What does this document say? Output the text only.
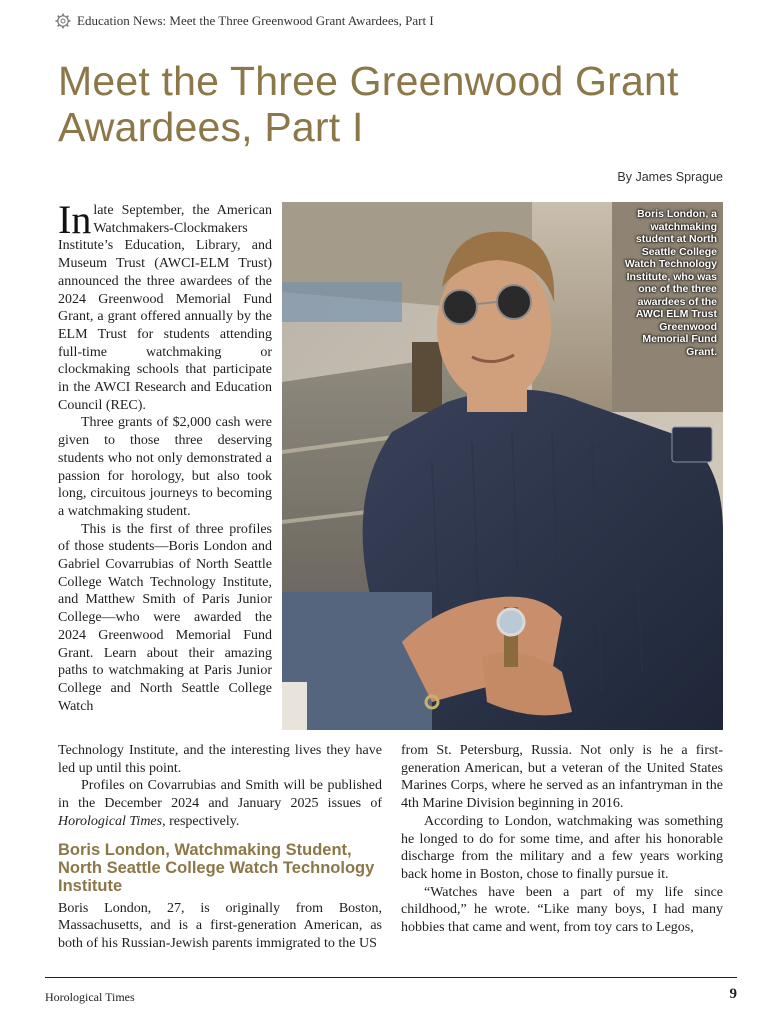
Education News: Meet the Three Greenwood Grant Awardees, Part I
Meet the Three Greenwood Grant
Awardees, Part I
By James Sprague

In late September, the American Watchmakers-Clockmakers Institute’s Education, Library, and Museum Trust (AWCI-ELM Trust) announced the three awardees of the 2024 Greenwood Memorial Fund Grant, a grant offered annually by the ELM Trust for students attending full-time watchmaking or clockmaking schools that participate in the AWCI Research and Education Council (REC).

Three grants of $2,000 cash were given to those three deserving students who not only demonstrated a passion for horology, but also took long, circuitous journeys to becoming a watchmaking student.

This is the first of three profiles of those students—Boris London and Gabriel Covarrubias of North Seattle College Watch Technology Institute, and Matthew Smith of Paris Junior College—who were awarded the 2024 Greenwood Memorial Fund Grant. Learn about their amazing paths to watchmaking at Paris Junior College and North Seattle College Watch

Boris London, a watchmaking student at North Seattle College Watch Technology Institute, who was one of the three awardees of the AWCI ELM Trust Greenwood Memorial Fund Grant.

Technology Institute, and the interesting lives they have led up until this point.

Profiles on Covarrubias and Smith will be published in the December 2024 and January 2025 issues of Horological Times, respectively.

Boris London, Watchmaking Student, North Seattle College Watch Technology Institute

Boris London, 27, is originally from Boston, Massachusetts, and is a first-generation American, as both of his Russian-Jewish parents immigrated to the US

from St. Petersburg, Russia. Not only is he a first-generation American, but a veteran of the United States Marines Corps, where he served as an infantryman in the 4th Marine Division beginning in 2016.

According to London, watchmaking was something he longed to do for some time, and after his honorable discharge from the military and a few years working back home in Boston, chose to finally pursue it.

“Watches have been a part of my life since childhood,” he wrote. “Like many boys, I had many hobbies that came and went, from toy cars to Legos,

Horological Times	9
